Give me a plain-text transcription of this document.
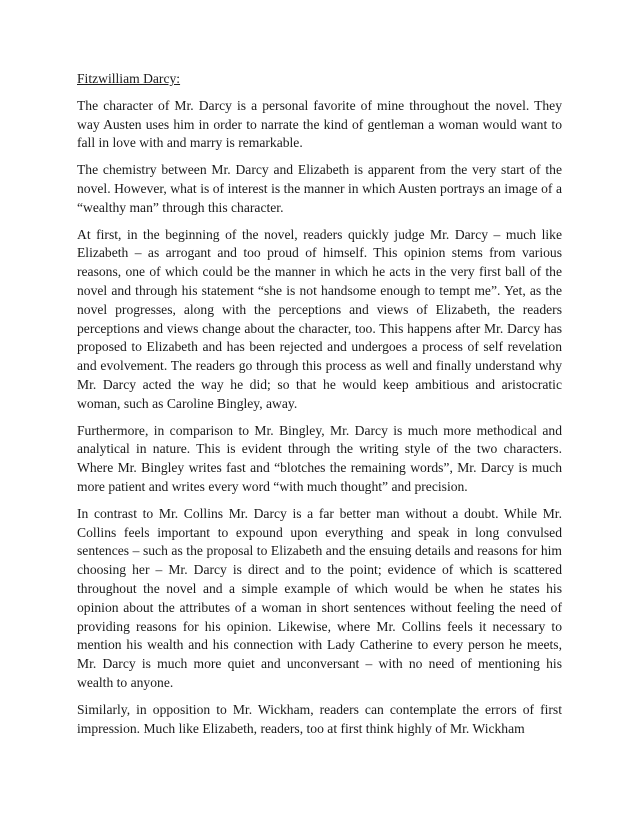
Fitzwilliam Darcy:

The character of Mr. Darcy is a personal favorite of mine throughout the novel. They way Austen uses him in order to narrate the kind of gentleman a woman would want to fall in love with and marry is remarkable.

The chemistry between Mr. Darcy and Elizabeth is apparent from the very start of the novel. However, what is of interest is the manner in which Austen portrays an image of a “wealthy man” through this character.

At first, in the beginning of the novel, readers quickly judge Mr. Darcy – much like Elizabeth – as arrogant and too proud of himself. This opinion stems from various reasons, one of which could be the manner in which he acts in the very first ball of the novel and through his statement “she is not handsome enough to tempt me”. Yet, as the novel progresses, along with the perceptions and views of Elizabeth, the readers perceptions and views change about the character, too. This happens after Mr. Darcy has proposed to Elizabeth and has been rejected and undergoes a process of self revelation and evolvement. The readers go through this process as well and finally understand why Mr. Darcy acted the way he did; so that he would keep ambitious and aristocratic woman, such as Caroline Bingley, away.

Furthermore, in comparison to Mr. Bingley, Mr. Darcy is much more methodical and analytical in nature. This is evident through the writing style of the two characters. Where Mr. Bingley writes fast and “blotches the remaining words”, Mr. Darcy is much more patient and writes every word “with much thought” and precision.

In contrast to Mr. Collins Mr. Darcy is a far better man without a doubt. While Mr. Collins feels important to expound upon everything and speak in long convulsed sentences – such as the proposal to Elizabeth and the ensuing details and reasons for him choosing her – Mr. Darcy is direct and to the point; evidence of which is scattered throughout the novel and a simple example of which would be when he states his opinion about the attributes of a woman in short sentences without feeling the need of providing reasons for his opinion. Likewise, where Mr. Collins feels it necessary to mention his wealth and his connection with Lady Catherine to every person he meets, Mr. Darcy is much more quiet and unconversant – with no need of mentioning his wealth to anyone.

Similarly, in opposition to Mr. Wickham, readers can contemplate the errors of first impression. Much like Elizabeth, readers, too at first think highly of Mr. Wickham
